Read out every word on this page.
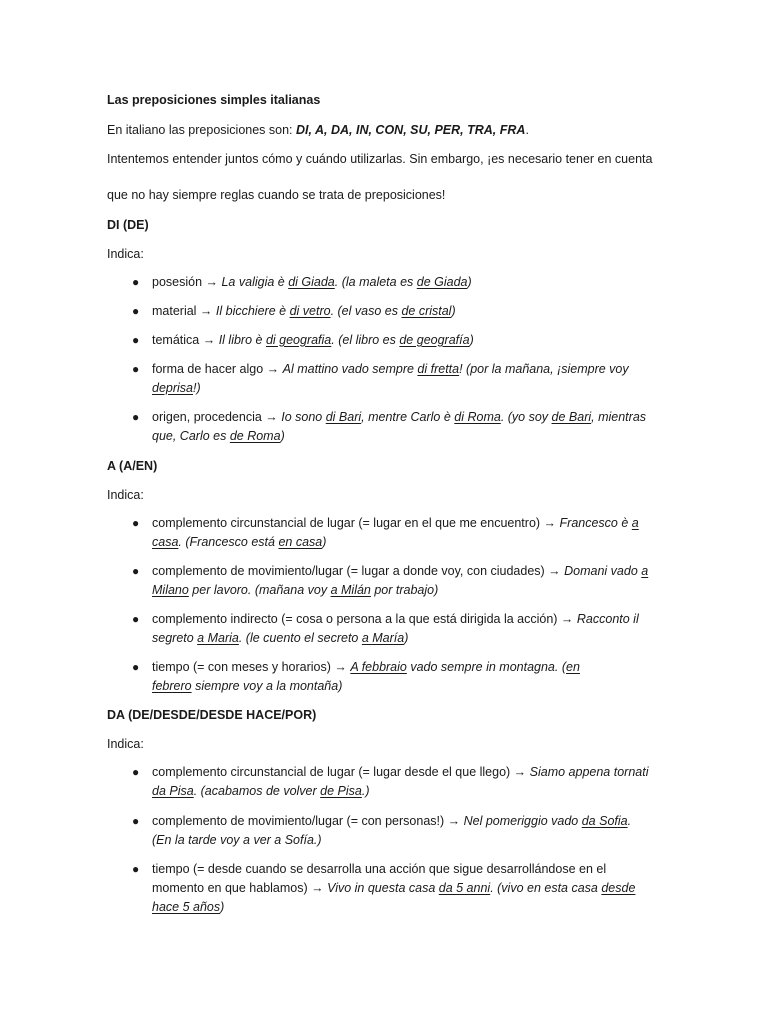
Las preposiciones simples italianas

En italiano las preposiciones son: DI, A, DA, IN, CON, SU, PER, TRA, FRA.

Intentemos entender juntos cómo y cuándo utilizarlas. Sin embargo, ¡es necesario tener en cuenta

que no hay siempre reglas cuando se trata de preposiciones!

DI (DE)

Indica:

● posesión → La valigia è di Giada. (la maleta es de Giada)
● material → Il bicchiere è di vetro. (el vaso es de cristal)
● temática → Il libro è di geografia. (el libro es de geografía)
● forma de hacer algo → Al mattino vado sempre di fretta! (por la mañana, ¡siempre voy deprisa!)
● origen, procedencia → Io sono di Bari, mentre Carlo è di Roma. (yo soy de Bari, mientras que, Carlo es de Roma)

A (A/EN)

Indica:

● complemento circunstancial de lugar (= lugar en el que me encuentro) → Francesco è a casa. (Francesco está en casa)
● complemento de movimiento/lugar (= lugar a donde voy, con ciudades) → Domani vado a Milano per lavoro. (mañana voy a Milán por trabajo)
● complemento indirecto (= cosa o persona a la que está dirigida la acción) → Racconto il segreto a Maria. (le cuento el secreto a María)
● tiempo (= con meses y horarios) → A febbraio vado sempre in montagna. (en febrero siempre voy a la montaña)

DA (DE/DESDE/DESDE HACE/POR)

Indica:

● complemento circunstancial de lugar (= lugar desde el que llego) → Siamo appena tornati da Pisa. (acabamos de volver de Pisa.)
● complemento de movimiento/lugar (= con personas!) → Nel pomeriggio vado da Sofia. (En la tarde voy a ver a Sofía.)
● tiempo (= desde cuando se desarrolla una acción que sigue desarrollándose en el momento en que hablamos) → Vivo in questa casa da 5 anni. (vivo en esta casa desde hace 5 años)
